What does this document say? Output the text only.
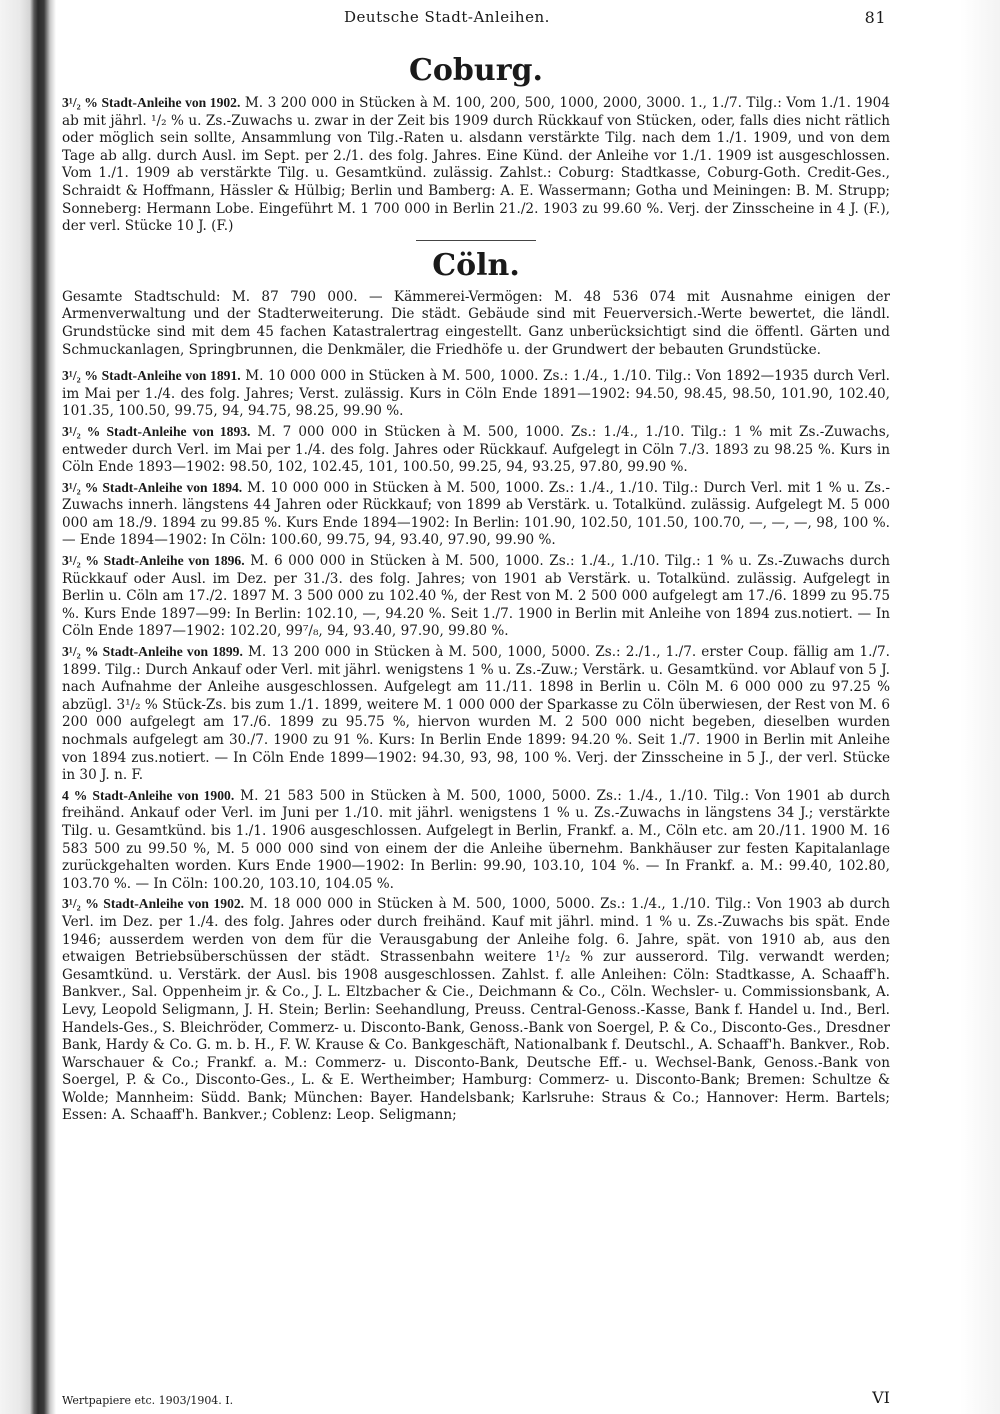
Deutsche Stadt-Anleihen.	81
Coburg.

3¹/₂ % Stadt-Anleihe von 1902. M. 3 200 000 in Stücken à M. 100, 200, 500, 1000, 2000, 3000. 1., 1./7. Tilg.: Vom 1./1. 1904 ab mit jährl. ¹/₂ % u. Zs.-Zuwachs u. zwar in der Zeit bis 1909 durch Rückkauf von Stücken, oder, falls dies nicht rätlich oder möglich sein sollte, Ansammlung von Tilg.-Raten u. alsdann verstärkte Tilg. nach dem 1./1. 1909, und von dem Tage ab allg. durch Ausl. im Sept. per 2./1. des folg. Jahres. Eine Künd. der Anleihe vor 1./1. 1909 ist ausgeschlossen. Vom 1./1. 1909 ab verstärkte Tilg. u. Gesamtkünd. zulässig. Zahlst.: Coburg: Stadtkasse, Coburg-Goth. Credit-Ges., Schraidt & Hoffmann, Hässler & Hülbig; Berlin und Bamberg: A. E. Wassermann; Gotha und Meiningen: B. M. Strupp; Sonneberg: Hermann Lobe. Eingeführt M. 1 700 000 in Berlin 21./2. 1903 zu 99.60 %. Verj. der Zinsscheine in 4 J. (F.), der verl. Stücke 10 J. (F.)

Cöln.

Gesamte Stadtschuld: M. 87 790 000. — Kämmerei-Vermögen: M. 48 536 074 mit Ausnahme einigen der Armenverwaltung und der Stadterweiterung. Die städt. Gebäude sind mit Feuerversich.-Werte bewertet, die ländl. Grundstücke sind mit dem 45 fachen Katastralertrag eingestellt. Ganz unberücksichtigt sind die öffentl. Gärten und Schmuckanlagen, Springbrunnen, die Denkmäler, die Friedhöfe u. der Grundwert der bebauten Grundstücke.

3¹/₂ % Stadt-Anleihe von 1891. M. 10 000 000 in Stücken à M. 500, 1000. Zs.: 1./4., 1./10. Tilg.: Von 1892—1935 durch Verl. im Mai per 1./4. des folg. Jahres; Verst. zulässig. Kurs in Cöln Ende 1891—1902: 94.50, 98.45, 98.50, 101.90, 102.40, 101.35, 100.50, 99.75, 94, 94.75, 98.25, 99.90 %.

3¹/₂ % Stadt-Anleihe von 1893. M. 7 000 000 in Stücken à M. 500, 1000. Zs.: 1./4., 1./10. Tilg.: 1 % mit Zs.-Zuwachs, entweder durch Verl. im Mai per 1./4. des folg. Jahres oder Rückkauf. Aufgelegt in Cöln 7./3. 1893 zu 98.25 %. Kurs in Cöln Ende 1893—1902: 98.50, 102, 102.45, 101, 100.50, 99.25, 94, 93.25, 97.80, 99.90 %.

3¹/₂ % Stadt-Anleihe von 1894. M. 10 000 000 in Stücken à M. 500, 1000. Zs.: 1./4., 1./10. Tilg.: Durch Verl. mit 1 % u. Zs.-Zuwachs innerh. längstens 44 Jahren oder Rückkauf; von 1899 ab Verstärk. u. Totalkünd. zulässig. Aufgelegt M. 5 000 000 am 18./9. 1894 zu 99.85 %. Kurs Ende 1894—1902: In Berlin: 101.90, 102.50, 101.50, 100.70, —, —, —, 98, 100 %. — Ende 1894—1902: In Cöln: 100.60, 99.75, 94, 93.40, 97.90, 99.90 %.

3¹/₂ % Stadt-Anleihe von 1896. M. 6 000 000 in Stücken à M. 500, 1000. Zs.: 1./4., 1./10. Tilg.: 1 % u. Zs.-Zuwachs durch Rückkauf oder Ausl. im Dez. per 31./3. des folg. Jahres; von 1901 ab Verstärk. u. Totalkünd. zulässig. Aufgelegt in Berlin u. Cöln am 17./2. 1897 M. 3 500 000 zu 102.40 %, der Rest von M. 2 500 000 aufgelegt am 17./6. 1899 zu 95.75 %. Kurs Ende 1897—99: In Berlin: 102.10, —, 94.20 %. Seit 1./7. 1900 in Berlin mit Anleihe von 1894 zus.notiert. — In Cöln Ende 1897—1902: 102.20, 99⁷/₈, 94, 93.40, 97.90, 99.80 %.

3¹/₂ % Stadt-Anleihe von 1899. M. 13 200 000 in Stücken à M. 500, 1000, 5000. Zs.: 2./1., 1./7. erster Coup. fällig am 1./7. 1899. Tilg.: Durch Ankauf oder Verl. mit jährl. wenigstens 1 % u. Zs.-Zuw.; Verstärk. u. Gesamtkünd. vor Ablauf von 5 J. nach Aufnahme der Anleihe ausgeschlossen. Aufgelegt am 11./11. 1898 in Berlin u. Cöln M. 6 000 000 zu 97.25 % abzügl. 3¹/₂ % Stück-Zs. bis zum 1./1. 1899, weitere M. 1 000 000 der Sparkasse zu Cöln überwiesen, der Rest von M. 6 200 000 aufgelegt am 17./6. 1899 zu 95.75 %, hiervon wurden M. 2 500 000 nicht begeben, dieselben wurden nochmals aufgelegt am 30./7. 1900 zu 91 %. Kurs: In Berlin Ende 1899: 94.20 %. Seit 1./7. 1900 in Berlin mit Anleihe von 1894 zus.notiert. — In Cöln Ende 1899—1902: 94.30, 93, 98, 100 %. Verj. der Zinsscheine in 5 J., der verl. Stücke in 30 J. n. F.

4 % Stadt-Anleihe von 1900. M. 21 583 500 in Stücken à M. 500, 1000, 5000. Zs.: 1./4., 1./10. Tilg.: Von 1901 ab durch freihänd. Ankauf oder Verl. im Juni per 1./10. mit jährl. wenigstens 1 % u. Zs.-Zuwachs in längstens 34 J.; verstärkte Tilg. u. Gesamtkünd. bis 1./1. 1906 ausgeschlossen. Aufgelegt in Berlin, Frankf. a. M., Cöln etc. am 20./11. 1900 M. 16 583 500 zu 99.50 %, M. 5 000 000 sind von einem der die Anleihe übernehm. Bankhäuser zur festen Kapitalanlage zurückgehalten worden. Kurs Ende 1900—1902: In Berlin: 99.90, 103.10, 104 %. — In Frankf. a. M.: 99.40, 102.80, 103.70 %. — In Cöln: 100.20, 103.10, 104.05 %.

3¹/₂ % Stadt-Anleihe von 1902. M. 18 000 000 in Stücken à M. 500, 1000, 5000. Zs.: 1./4., 1./10. Tilg.: Von 1903 ab durch Verl. im Dez. per 1./4. des folg. Jahres oder durch freihänd. Kauf mit jährl. mind. 1 % u. Zs.-Zuwachs bis spät. Ende 1946; ausserdem werden von dem für die Verausgabung der Anleihe folg. 6. Jahre, spät. von 1910 ab, aus den etwaigen Betriebsüberschüssen der städt. Strassenbahn weitere 1¹/₂ % zur ausserord. Tilg. verwandt werden; Gesamtkünd. u. Verstärk. der Ausl. bis 1908 ausgeschlossen. Zahlst. f. alle Anleihen: Cöln: Stadtkasse, A. Schaaff'h. Bankver., Sal. Oppenheim jr. & Co., J. L. Eltzbacher & Cie., Deichmann & Co., Cöln. Wechsler- u. Commissionsbank, A. Levy, Leopold Seligmann, J. H. Stein; Berlin: Seehandlung, Preuss. Central-Genoss.-Kasse, Bank f. Handel u. Ind., Berl. Handels-Ges., S. Bleichröder, Commerz- u. Disconto-Bank, Genoss.-Bank von Soergel, P. & Co., Disconto-Ges., Dresdner Bank, Hardy & Co. G. m. b. H., F. W. Krause & Co. Bankgeschäft, Nationalbank f. Deutschl., A. Schaaff'h. Bankver., Rob. Warschauer & Co.; Frankf. a. M.: Commerz- u. Disconto-Bank, Deutsche Eff.- u. Wechsel-Bank, Genoss.-Bank von Soergel, P. & Co., Disconto-Ges., L. & E. Wertheimber; Hamburg: Commerz- u. Disconto-Bank; Bremen: Schultze & Wolde; Mannheim: Südd. Bank; München: Bayer. Handelsbank; Karlsruhe: Straus & Co.; Hannover: Herm. Bartels; Essen: A. Schaaff'h. Bankver.; Coblenz: Leop. Seligmann;

Wertpapiere etc. 1903/1904. I.	VI
